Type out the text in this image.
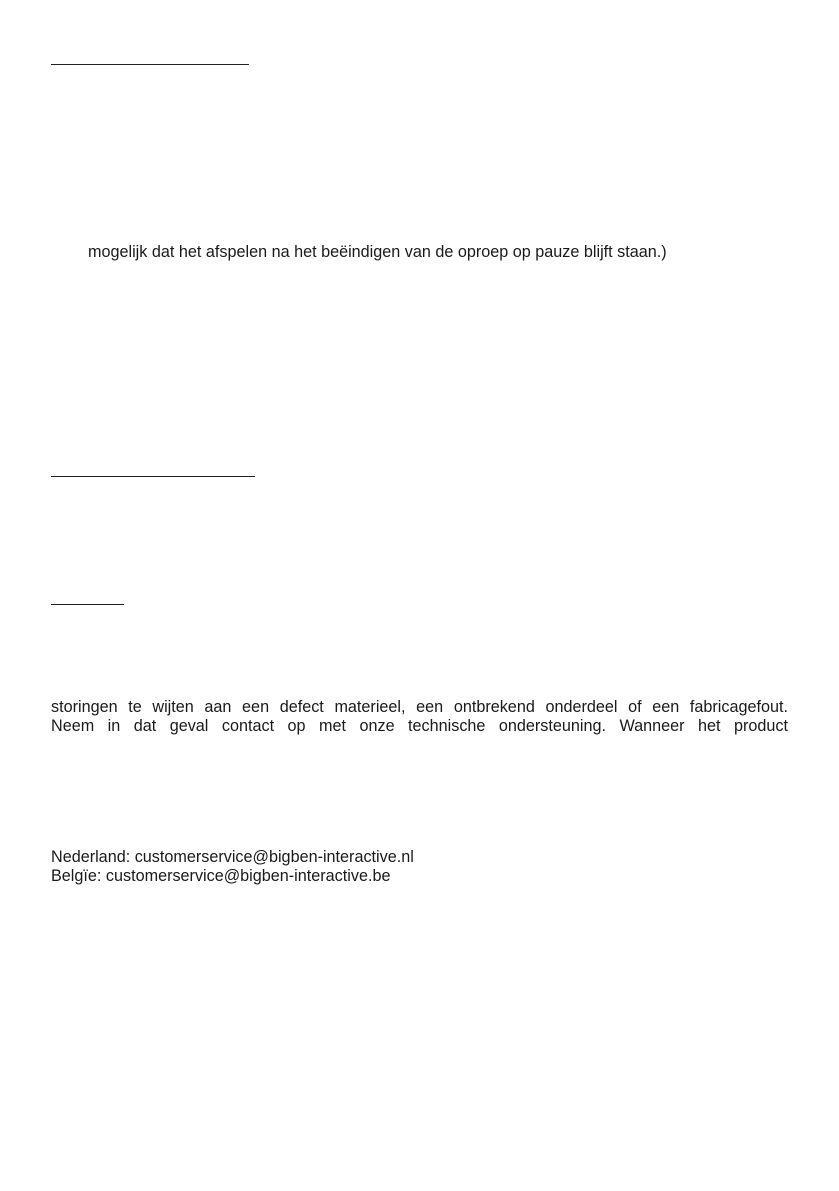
mogelijk dat het afspelen na het beëindigen van de oproep op pauze blijft staan.)

storingen te wijten aan een defect materieel, een ontbrekend onderdeel of een fabricagefout.

Neem in dat geval contact op met onze technische ondersteuning. Wanneer het product

Nederland: customerservice@bigben-interactive.nl

Belgïe: customerservice@bigben-interactive.be
